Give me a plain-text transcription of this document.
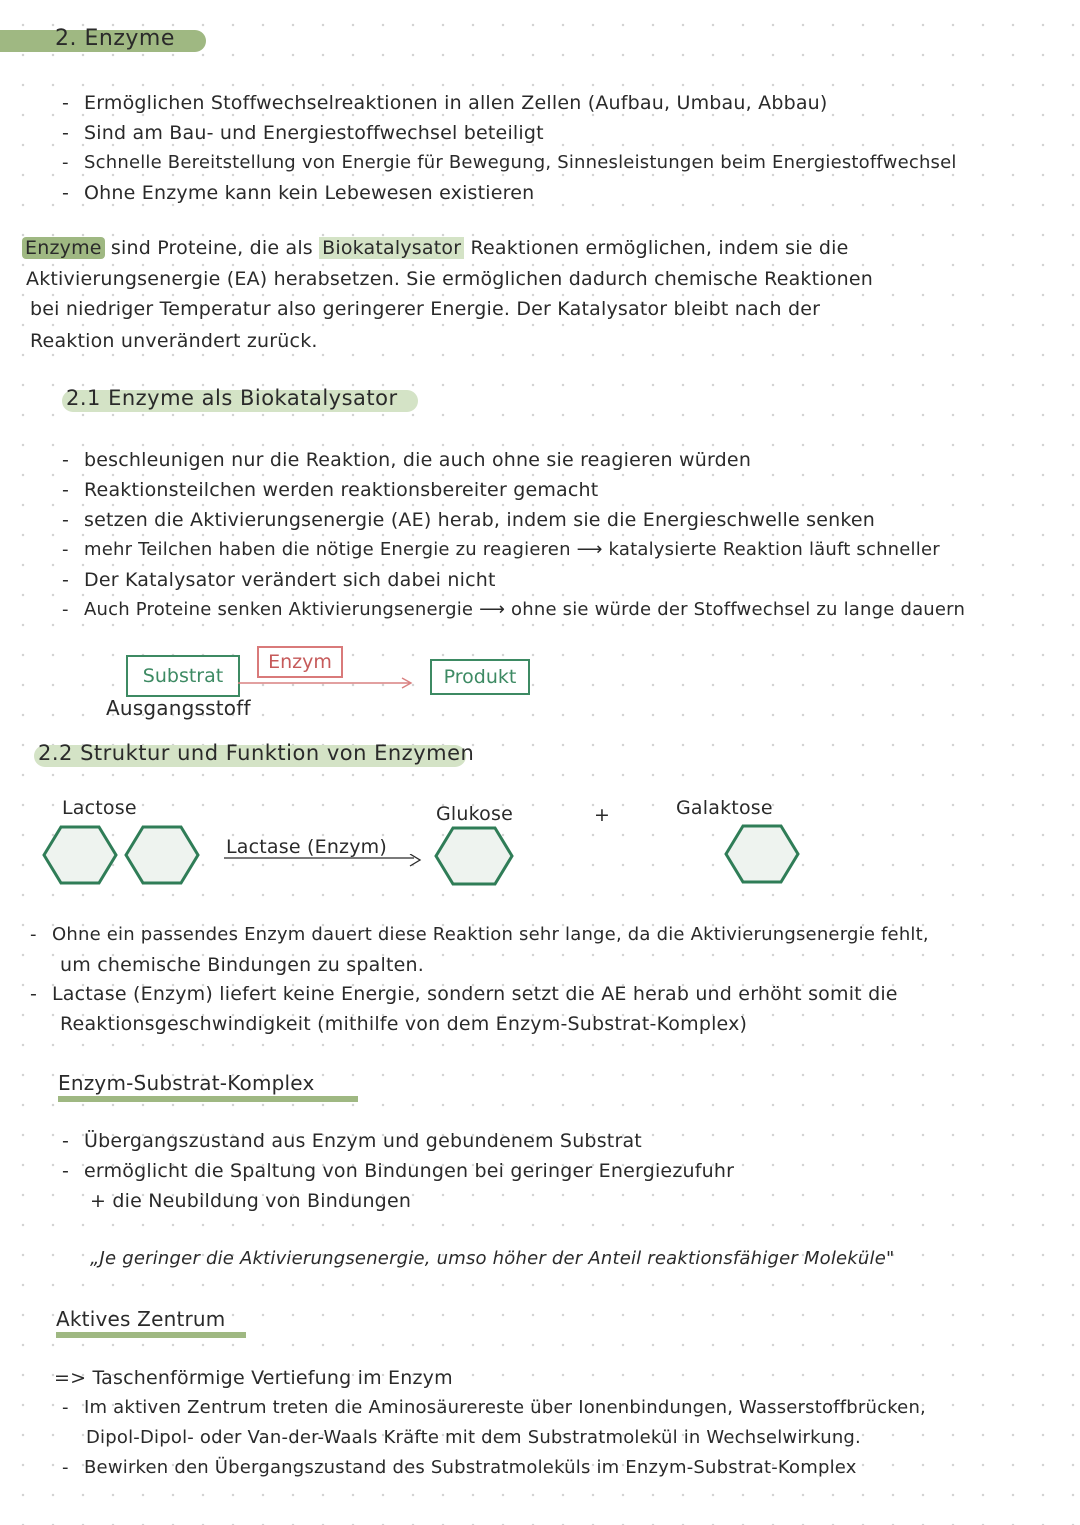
2. Enzyme
- Ermöglichen Stoffwechselreaktionen in allen Zellen (Aufbau, Umbau, Abbau)
- Sind am Bau- und Energiestoffwechsel beteiligt
- Schnelle Bereitstellung von Energie für Bewegung, Sinnesleistungen beim Energiestoffwechsel
- Ohne Enzyme kann kein Lebewesen existieren
Enzyme sind Proteine, die als Biokatalysator Reaktionen ermöglichen, indem sie die
Aktivierungsenergie (EA) herabsetzen. Sie ermöglichen dadurch chemische Reaktionen
bei niedriger Temperatur also geringerer Energie. Der Katalysator bleibt nach der
Reaktion unverändert zurück.
2.1 Enzyme als Biokatalysator
- beschleunigen nur die Reaktion, die auch ohne sie reagieren würden
- Reaktionsteilchen werden reaktionsbereiter gemacht
- setzen die Aktivierungsenergie (AE) herab, indem sie die Energieschwelle senken
- mehr Teilchen haben die nötige Energie zu reagieren ⟶ katalysierte Reaktion läuft schneller
- Der Katalysator verändert sich dabei nicht
- Auch Proteine senken Aktivierungsenergie ⟶ ohne sie würde der Stoffwechsel zu lange dauern
Substrat
Enzym
Produkt
Ausgangsstoff
2.2 Struktur und Funktion von Enzymen
Lactose
Lactase (Enzym)
Glukose	+	Galaktose
- Ohne ein passendes Enzym dauert diese Reaktion sehr lange, da die Aktivierungsenergie fehlt,
um chemische Bindungen zu spalten.
- Lactase (Enzym) liefert keine Energie, sondern setzt die AE herab und erhöht somit die
Reaktionsgeschwindigkeit (mithilfe von dem Enzym-Substrat-Komplex)
Enzym-Substrat-Komplex
- Übergangszustand aus Enzym und gebundenem Substrat
- ermöglicht die Spaltung von Bindungen bei geringer Energiezufuhr
+ die Neubildung von Bindungen
„Je geringer die Aktivierungsenergie, umso höher der Anteil reaktionsfähiger Moleküle"
Aktives Zentrum
=> Taschenförmige Vertiefung im Enzym
- Im aktiven Zentrum treten die Aminosäurereste über Ionenbindungen, Wasserstoffbrücken,
Dipol-Dipol- oder Van-der-Waals Kräfte mit dem Substratmolekül in Wechselwirkung.
- Bewirken den Übergangszustand des Substratmoleküls im Enzym-Substrat-Komplex
